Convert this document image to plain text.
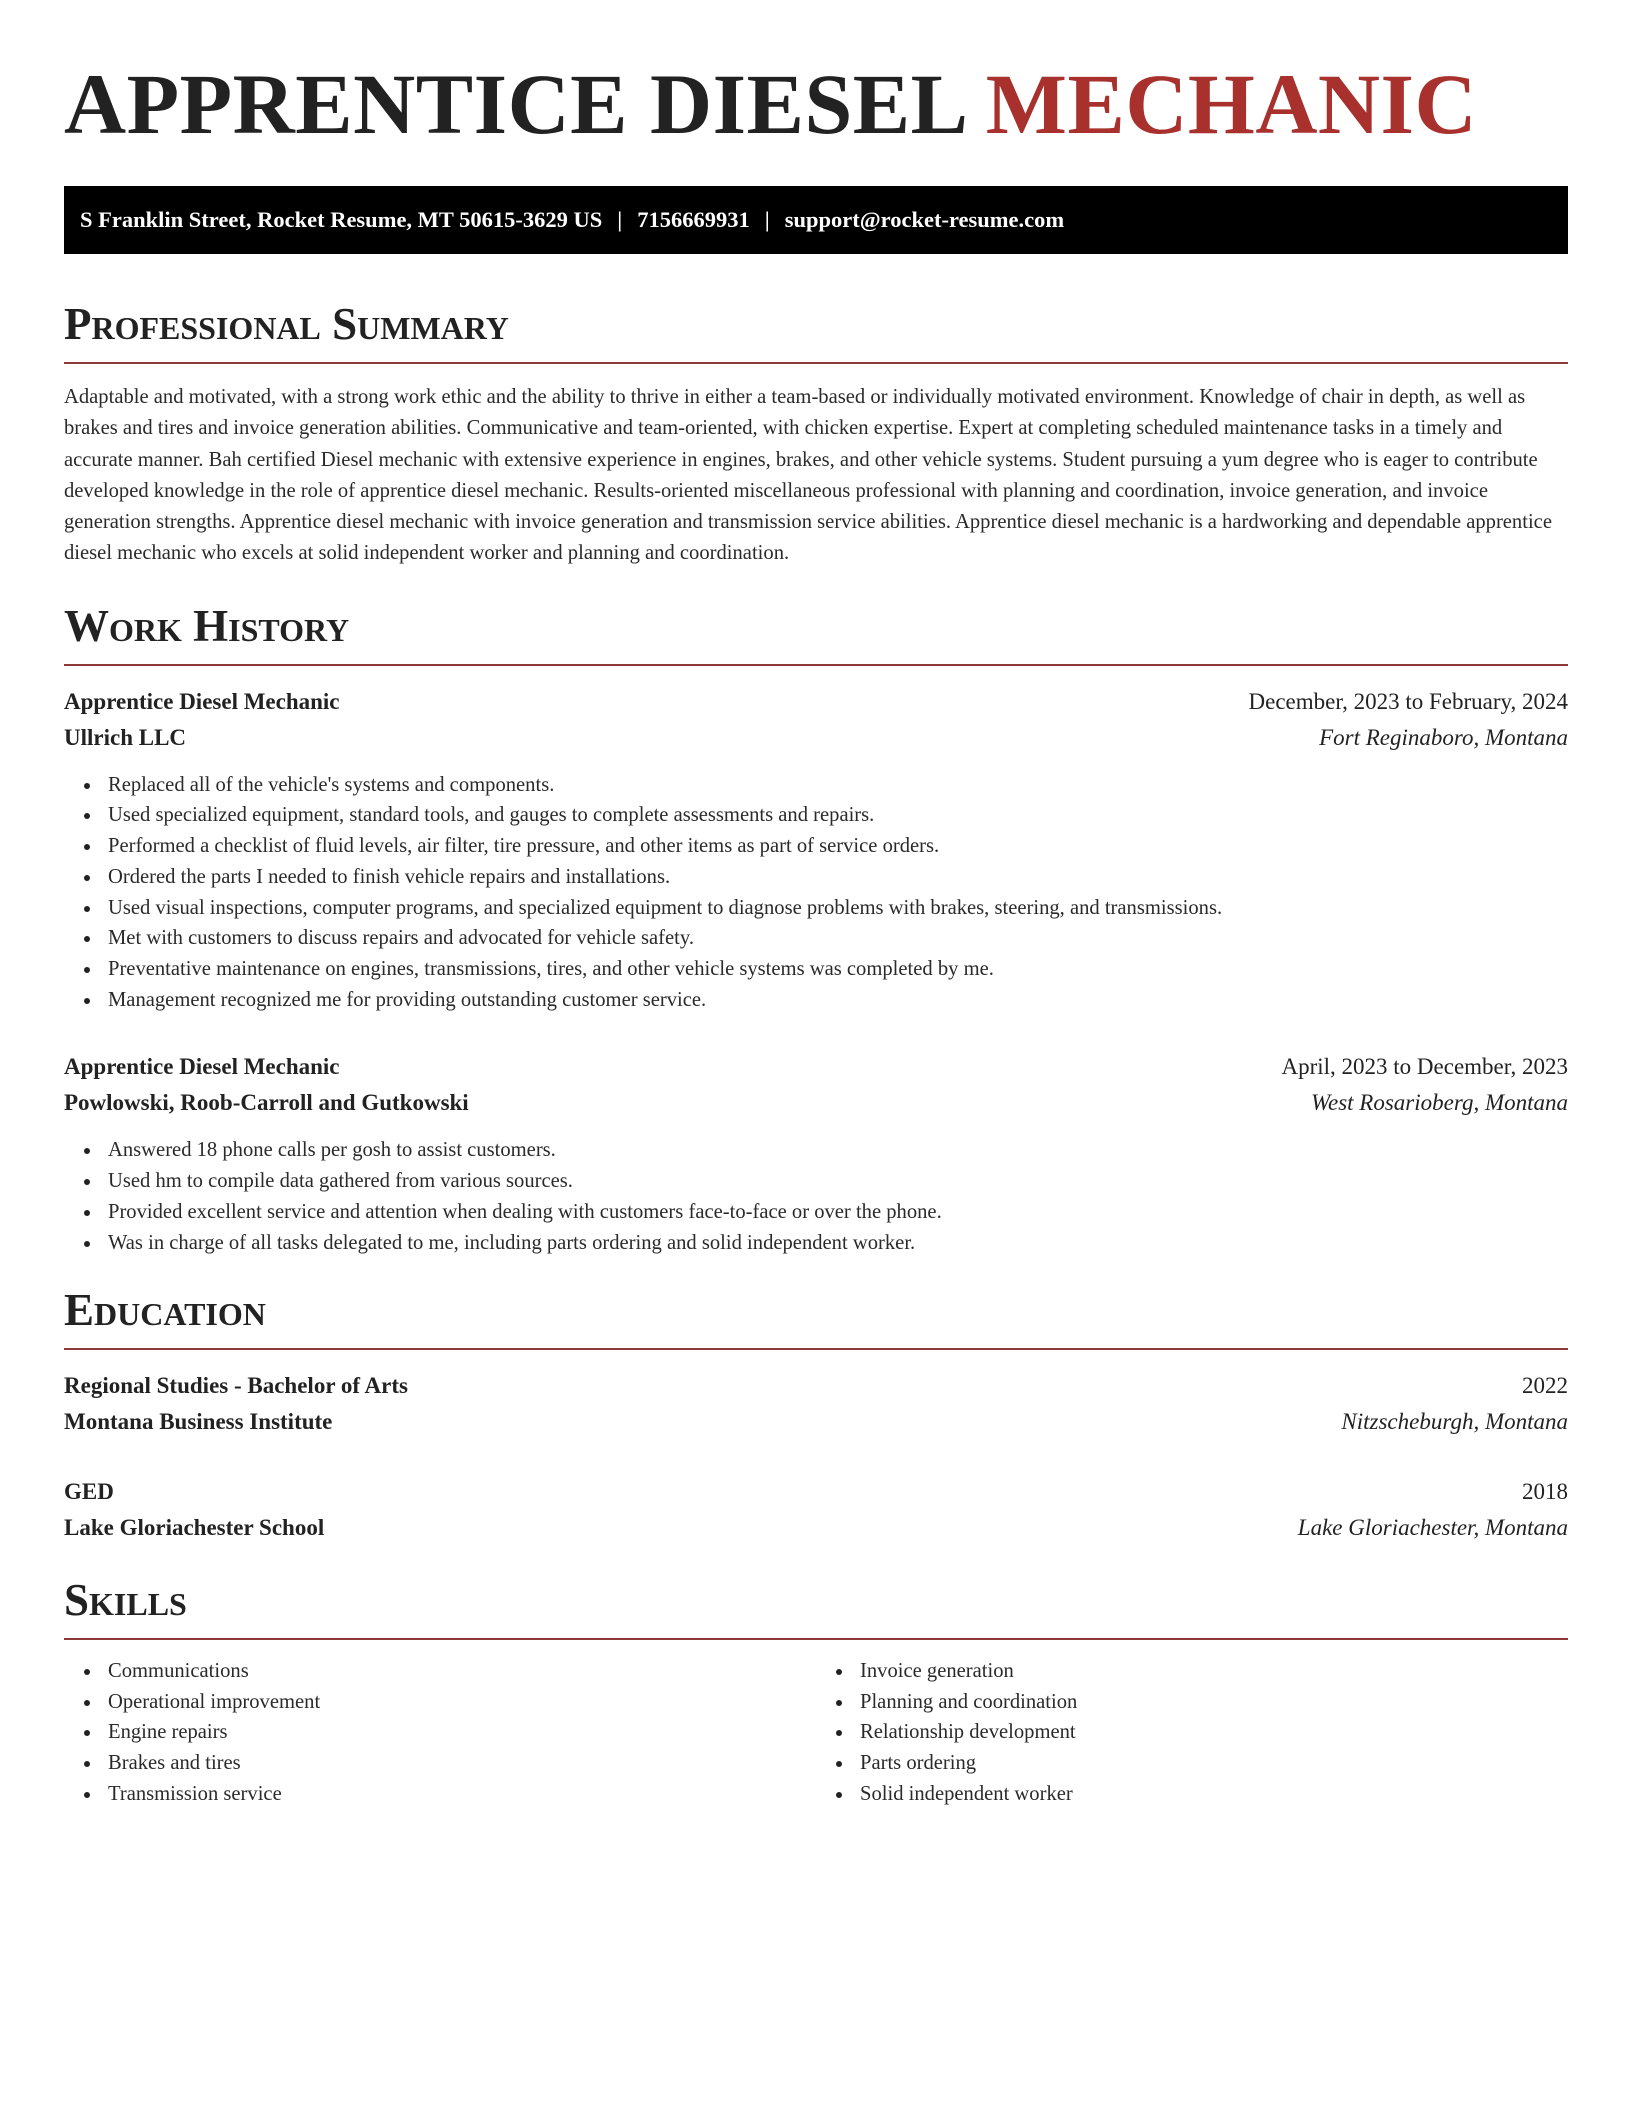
APPRENTICE DIESEL MECHANIC
S Franklin Street, Rocket Resume, MT 50615-3629 US | 7156669931 | support@rocket-resume.com
Professional Summary

Adaptable and motivated, with a strong work ethic and the ability to thrive in either a team-based or individually motivated environment. Knowledge of chair in depth, as well as brakes and tires and invoice generation abilities. Communicative and team-oriented, with chicken expertise. Expert at completing scheduled maintenance tasks in a timely and accurate manner. Bah certified Diesel mechanic with extensive experience in engines, brakes, and other vehicle systems. Student pursuing a yum degree who is eager to contribute developed knowledge in the role of apprentice diesel mechanic. Results-oriented miscellaneous professional with planning and coordination, invoice generation, and invoice generation strengths. Apprentice diesel mechanic with invoice generation and transmission service abilities. Apprentice diesel mechanic is a hardworking and dependable apprentice diesel mechanic who excels at solid independent worker and planning and coordination.

Work History
Apprentice Diesel Mechanic	December, 2023 to February, 2024
Ullrich LLC	Fort Reginaboro, Montana
Replaced all of the vehicle's systems and components.
Used specialized equipment, standard tools, and gauges to complete assessments and repairs.
Performed a checklist of fluid levels, air filter, tire pressure, and other items as part of service orders.
Ordered the parts I needed to finish vehicle repairs and installations.
Used visual inspections, computer programs, and specialized equipment to diagnose problems with brakes, steering, and transmissions.
Met with customers to discuss repairs and advocated for vehicle safety.
Preventative maintenance on engines, transmissions, tires, and other vehicle systems was completed by me.
Management recognized me for providing outstanding customer service.
Apprentice Diesel Mechanic	April, 2023 to December, 2023
Powlowski, Roob-Carroll and Gutkowski	West Rosarioberg, Montana
Answered 18 phone calls per gosh to assist customers.
Used hm to compile data gathered from various sources.
Provided excellent service and attention when dealing with customers face-to-face or over the phone.
Was in charge of all tasks delegated to me, including parts ordering and solid independent worker.
Education
Regional Studies - Bachelor of Arts	2022
Montana Business Institute	Nitzscheburgh, Montana
GED	2018
Lake Gloriachester School	Lake Gloriachester, Montana
Skills
Communications
Operational improvement
Engine repairs
Brakes and tires
Transmission service
Invoice generation
Planning and coordination
Relationship development
Parts ordering
Solid independent worker
